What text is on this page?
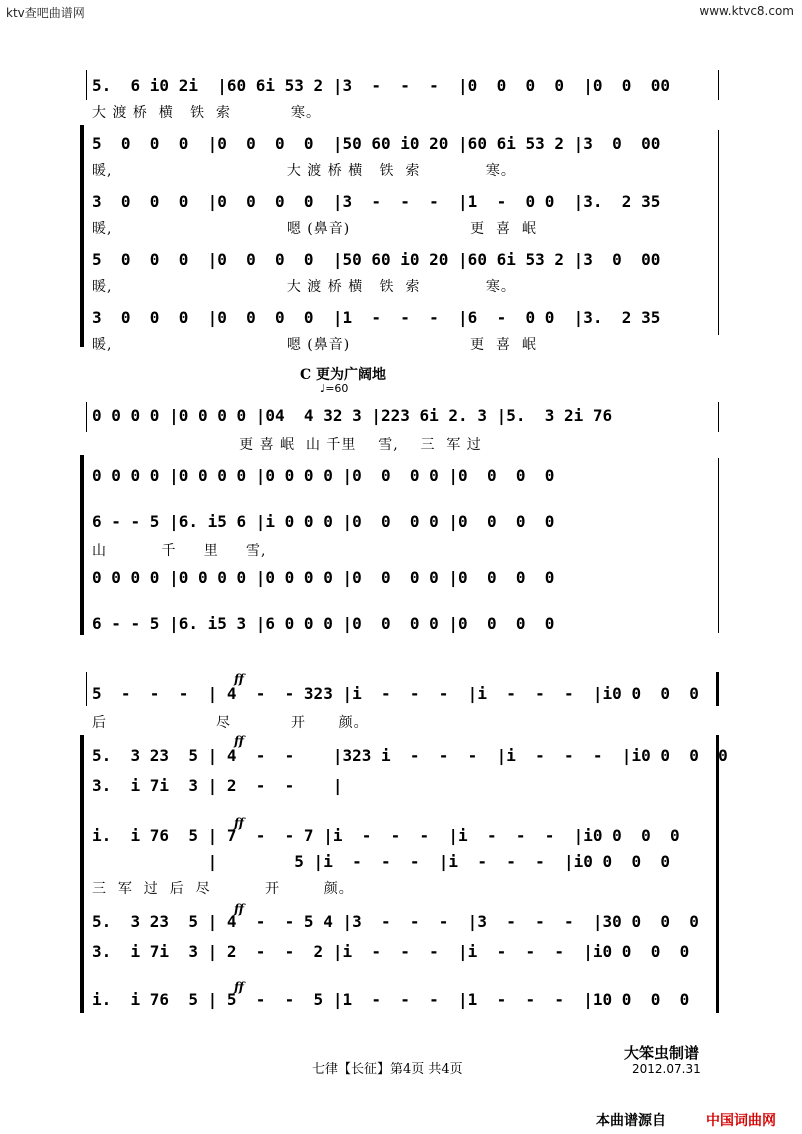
ktv查吧曲谱网	www.ktvc8.com
5.  6 i0 2i  |60 6i 53 2 |3  -  -  -  |0  0  0  0  |0  0  00
大 渡 桥  横   铁  索           寒。
5  0  0  0  |0  0  0  0  |50 60 i0 20 |60 6i 53 2 |3  0  00
暖,                                大 渡 桥 横   铁  索            寒。
3  0  0  0  |0  0  0  0  |3  -  -  -  |1  -  0 0  |3.  2 35
暖,                                嗯 (鼻音)                      更  喜  岷
5  0  0  0  |0  0  0  0  |50 60 i0 20 |60 6i 53 2 |3  0  00
暖,                                大 渡 桥 横   铁  索            寒。
3  0  0  0  |0  0  0  0  |1  -  -  -  |6  -  0 0  |3.  2 35
暖,                                嗯 (鼻音)                      更  喜  岷
C 更为广阔地
♩=60
0 0 0 0 |0 0 0 0 |04  4 32 3 |223 6i 2. 3 |5.  3 2i 76
更 喜 岷  山 千里    雪,    三  军 过
0 0 0 0 |0 0 0 0 |0 0 0 0 |0  0  0 0 |0  0  0  0
6 - - 5 |6. i5 6 |i 0 0 0 |0  0  0 0 |0  0  0  0
山          千     里     雪,
0 0 0 0 |0 0 0 0 |0 0 0 0 |0  0  0 0 |0  0  0  0
6 - - 5 |6. i5 3 |6 0 0 0 |0  0  0 0 |0  0  0  0
5  -  -  -  | 4  -  - 323 |i  -  -  -  |i  -  -  -  |i0 0  0  0
后                    尽           开      颜。
5.  3 23  5 | 4  -  -    |323 i  -  -  -  |i  -  -  -  |i0 0  0  0
3.  i 7i  3 | 2  -  -    |
i.  i 76  5 | 7  -  - 7 |i  -  -  -  |i  -  -  -  |i0 0  0  0
|        5 |i  -  -  -  |i  -  -  -  |i0 0  0  0
三  军  过  后  尽          开        颜。
5.  3 23  5 | 4  -  - 5 4 |3  -  -  -  |3  -  -  -  |30 0  0  0
3.  i 7i  3 | 2  -  -  2 |i  -  -  -  |i  -  -  -  |i0 0  0  0
i.  i 76  5 | 5  -  -  5 |1  -  -  -  |1  -  -  -  |10 0  0  0
ff
ff
ff
ff
ff
七律【长征】第4页 共4页
大笨虫制谱
2012.07.31
本曲谱源自	中国词曲网
